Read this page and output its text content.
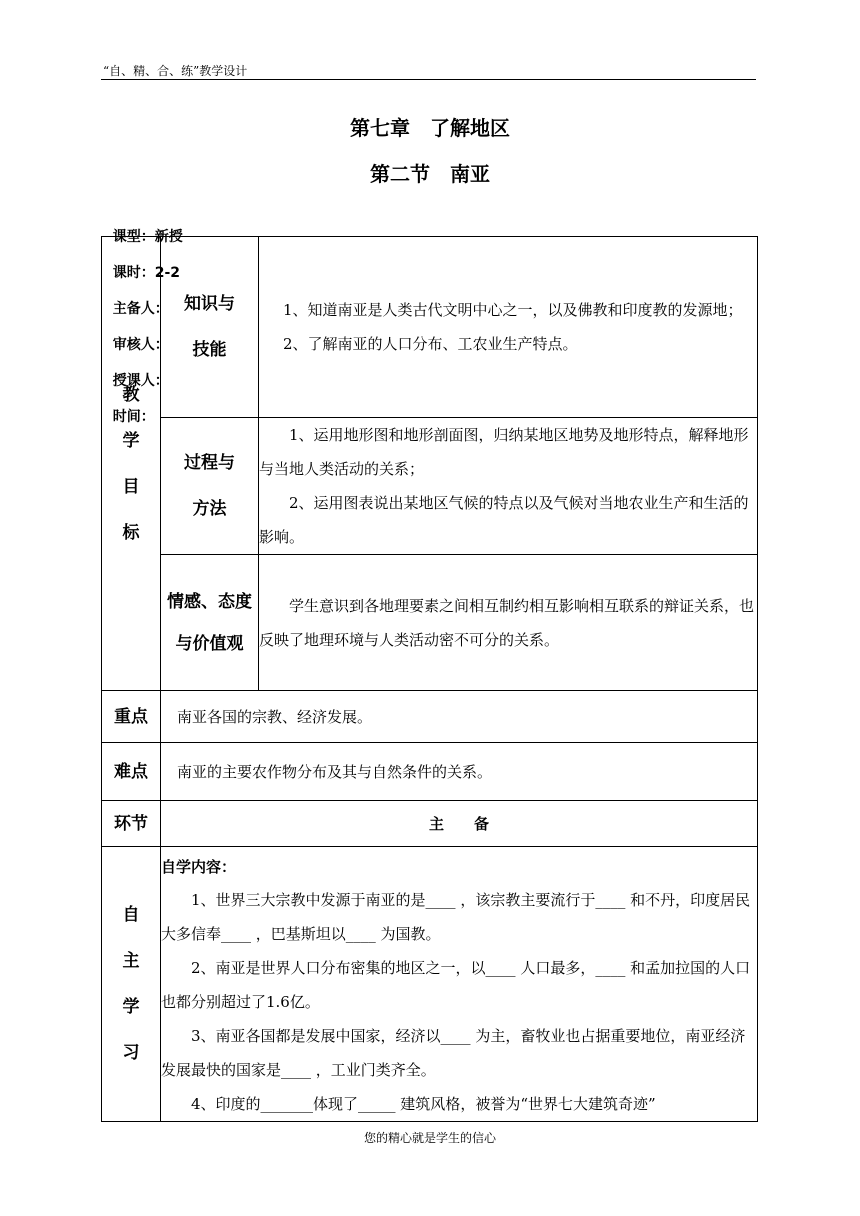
“自、精、合、练”教学设计
第七章　了解地区
第二节　南亚

课型：新授

课时：2-2

主备人：

审核人：

授课人：

时间：

教学目标	知识与技能	1、知道南亚是人类古代文明中心之一，以及佛教和印度教的发源地；

2、了解南亚的人口分布、工农业生产特点。

	过程与方法	1、运用地形图和地形剖面图，归纳某地区地势及地形特点，解释地形与当地人类活动的关系；

2、运用图表说出某地区气候的特点以及气候对当地农业生产和生活的影响。

	情感、态度与价值观	学生意识到各地理要素之间相互制约相互影响相互联系的辩证关系，也反映了地理环境与人类活动密不可分的关系。

重点	南亚各国的宗教、经济发展。	
难点	南亚的主要农作物分布及其与自然条件的关系。	
环节	主　　备	

自主学习	自学内容：

1、世界三大宗教中发源于南亚的是____ ，该宗教主要流行于____ 和不丹，印度居民大多信奉____ ，巴基斯坦以____ 为国教。

2、南亚是世界人口分布密集的地区之一，以____ 人口最多，____ 和孟加拉国的人口也都分别超过了1.6亿。

3、南亚各国都是发展中国家，经济以____ 为主，畜牧业也占据重要地位，南亚经济发展最快的国家是____ ，工业门类齐全。

4、印度的_______体现了_____ 建筑风格，被誉为“世界七大建筑奇迹”	

您的精心就是学生的信心
